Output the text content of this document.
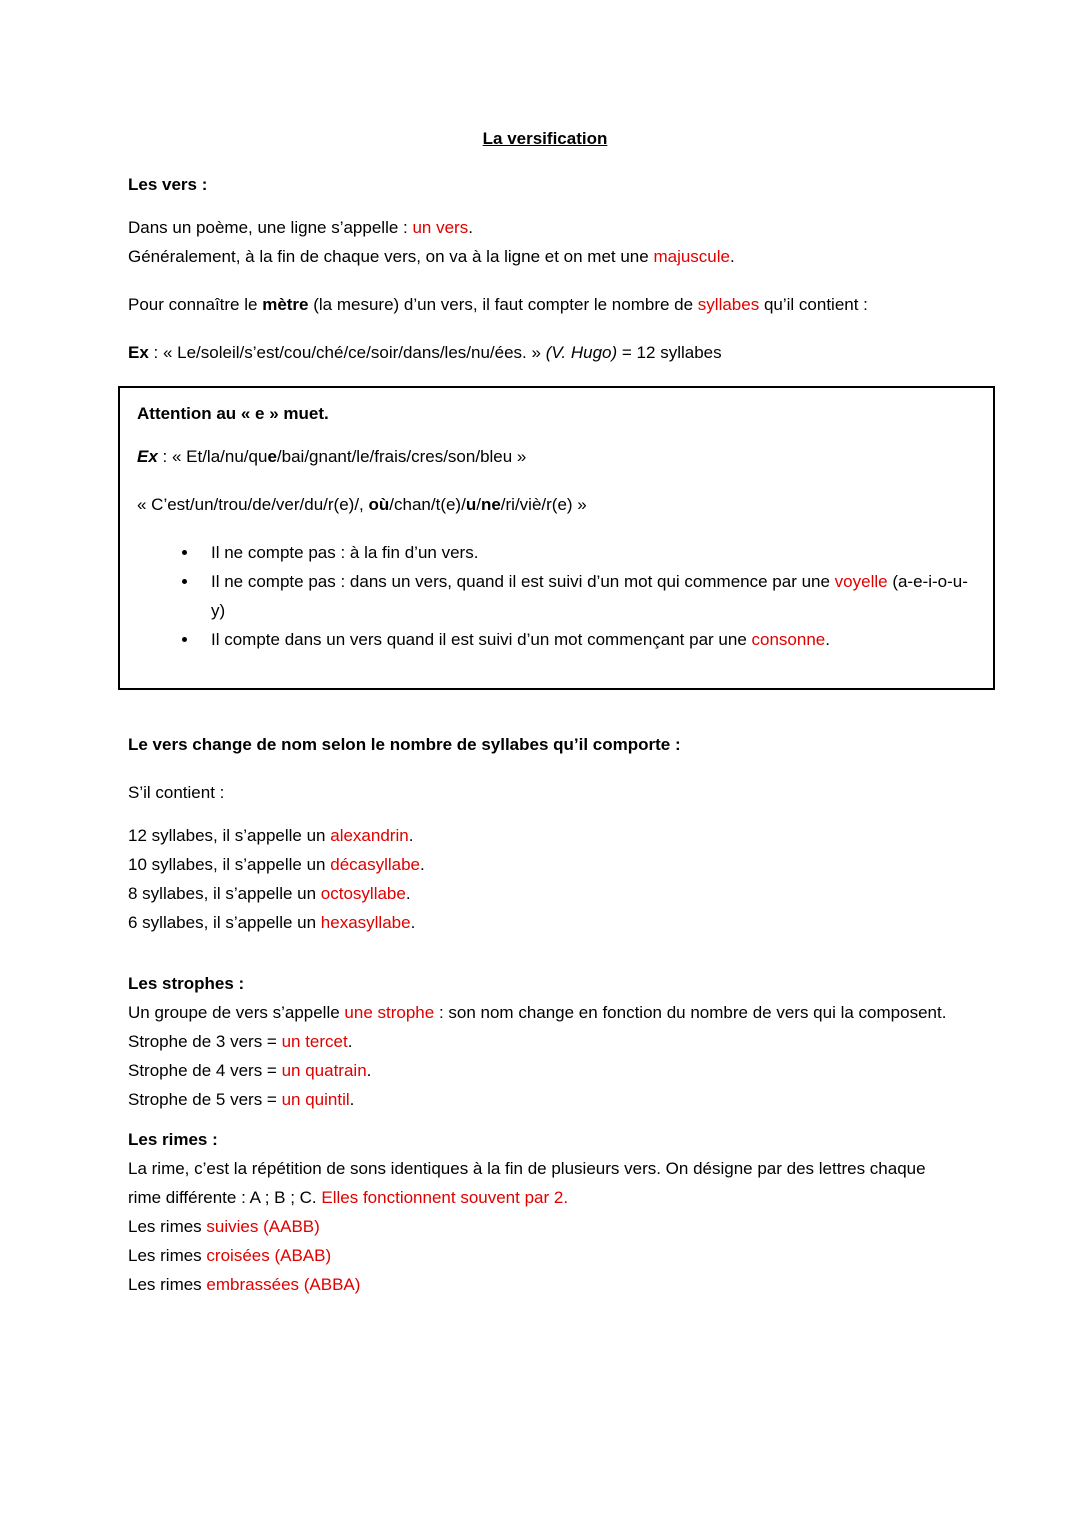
La versification

Les vers :

Dans un poème, une ligne s’appelle : un vers.
Généralement, à la fin de chaque vers, on va à la ligne et on met une majuscule.

Pour connaître le mètre (la mesure) d’un vers, il faut compter le nombre de syllabes qu’il contient :

Ex : « Le/soleil/s’est/cou/ché/ce/soir/dans/les/nu/ées. » (V. Hugo) = 12 syllabes

Attention au « e » muet.

Ex : « Et/la/nu/que/bai/gnant/le/frais/cres/son/bleu »

« C’est/un/trou/de/ver/du/r(e)/, où/chan/t(e)/u/ne/ri/viè/r(e) »

• Il ne compte pas : à la fin d’un vers.
• Il ne compte pas : dans un vers, quand il est suivi d’un mot qui commence par une voyelle (a-e-i-o-u-y)
• Il compte dans un vers quand il est suivi d’un mot commençant par une consonne.

Le vers change de nom selon le nombre de syllabes qu’il comporte :

S’il contient :

12 syllabes, il s’appelle un alexandrin.
10 syllabes, il s’appelle un décasyllabe.
8 syllabes, il s’appelle un octosyllabe.
6 syllabes, il s’appelle un hexasyllabe.

Les strophes :

Un groupe de vers s’appelle une strophe : son nom change en fonction du nombre de vers qui la composent.

Strophe de 3 vers = un tercet.

Strophe de 4 vers = un quatrain.

Strophe de 5 vers = un quintil.

Les rimes :

La rime, c’est la répétition de sons identiques à la fin de plusieurs vers. On désigne par des lettres chaque rime différente : A ; B ; C. Elles fonctionnent souvent par 2.

Les rimes suivies (AABB)

Les rimes croisées (ABAB)

Les rimes embrassées (ABBA)
